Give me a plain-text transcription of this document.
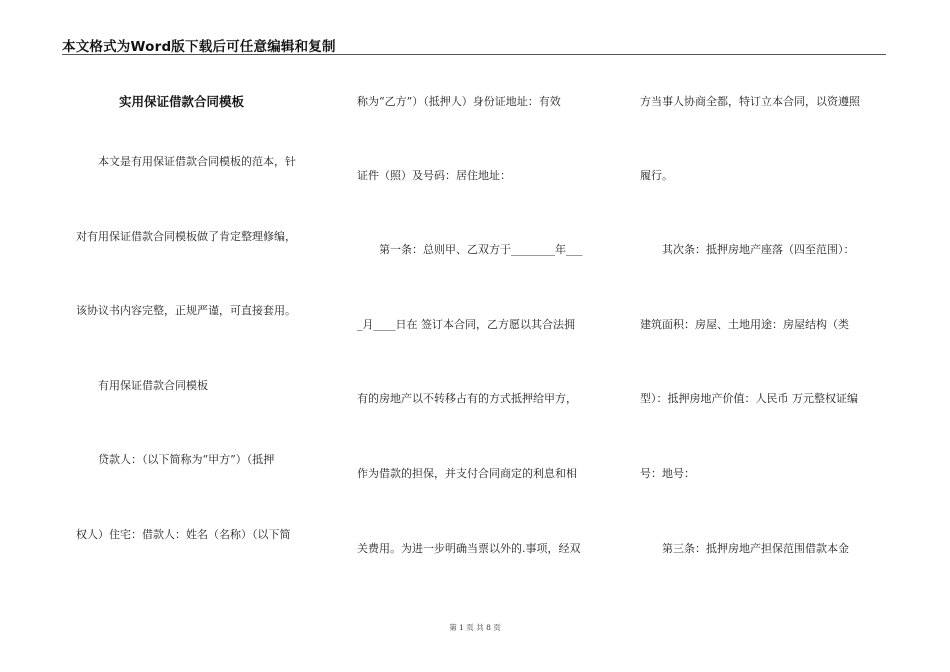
本文格式为Word版下载后可任意编辑和复制
实用保证借款合同模板
本文是有用保证借款合同模板的范本，针
对有用保证借款合同模板做了肯定整理修编，
该协议书内容完整，正规严谨，可直接套用。
有用保证借款合同模板
贷款人：（以下简称为“甲方”）（抵押
权人）住宅：借款人：姓名（名称）（以下简
称为“乙方”）（抵押人）身份证地址：有效
证件（照）及号码：居住地址：
第一条：总则甲、乙双方于________年___
_月____日在 签订本合同，乙方愿以其合法拥
有的房地产以不转移占有的方式抵押给甲方，
作为借款的担保，并支付合同商定的利息和相
关费用。为进一步明确当票以外的.事项，经双
方当事人协商全都，特订立本合同，以资遵照
履行。
其次条：抵押房地产座落（四至范围）：
建筑面积：房屋、土地用途：房屋结构（类
型）：抵押房地产价值：人民币 万元整权证编
号：地号：
第三条：抵押房地产担保范围借款本金
第 1 页 共 8 页
